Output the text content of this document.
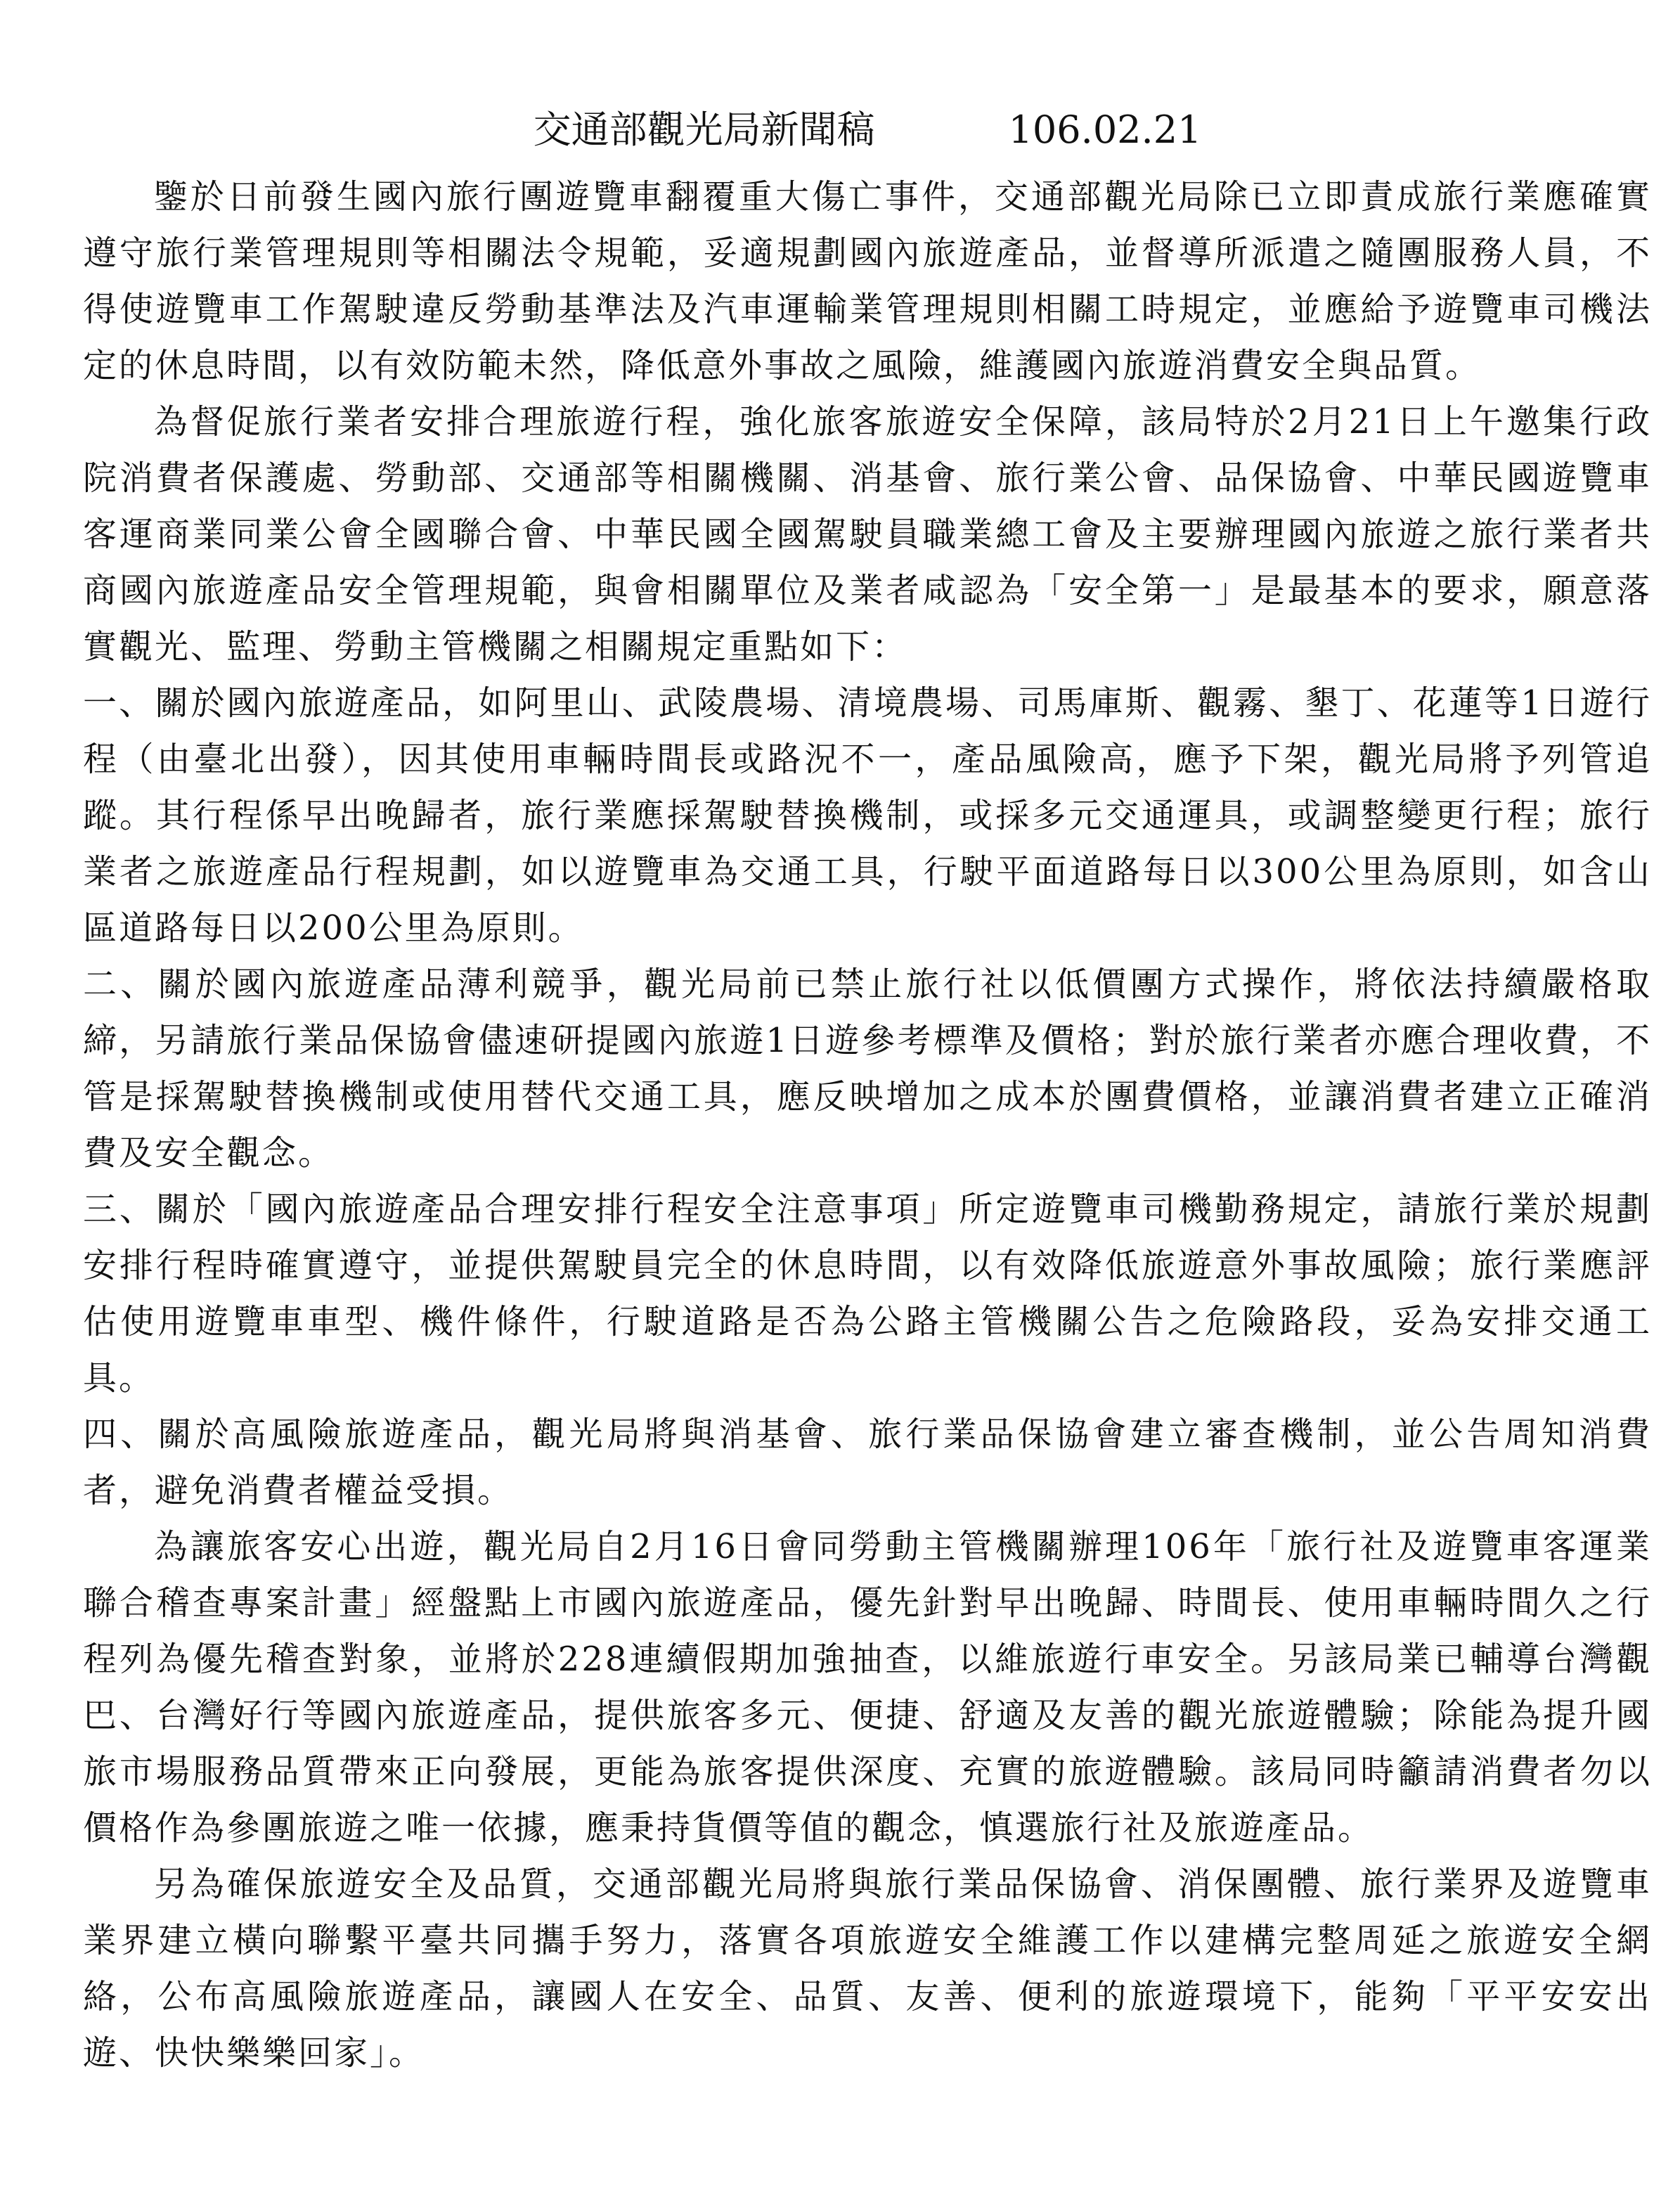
交通部觀光局新聞稿	106.02.21

鑒於日前發生國內旅行團遊覽車翻覆重大傷亡事件，交通部觀光局除已立即責成旅行業應確實遵守旅行業管理規則等相關法令規範，妥適規劃國內旅遊產品，並督導所派遣之隨團服務人員，不得使遊覽車工作駕駛違反勞動基準法及汽車運輸業管理規則相關工時規定，並應給予遊覽車司機法定的休息時間，以有效防範未然，降低意外事故之風險，維護國內旅遊消費安全與品質。

為督促旅行業者安排合理旅遊行程，強化旅客旅遊安全保障，該局特於2月21日上午邀集行政院消費者保護處、勞動部、交通部等相關機關、消基會、旅行業公會、品保協會、中華民國遊覽車客運商業同業公會全國聯合會、中華民國全國駕駛員職業總工會及主要辦理國內旅遊之旅行業者共商國內旅遊產品安全管理規範，與會相關單位及業者咸認為「安全第一」是最基本的要求，願意落實觀光、監理、勞動主管機關之相關規定重點如下：

一、關於國內旅遊產品，如阿里山、武陵農場、清境農場、司馬庫斯、觀霧、墾丁、花蓮等1日遊行程（由臺北出發），因其使用車輛時間長或路況不一，產品風險高，應予下架，觀光局將予列管追蹤。其行程係早出晚歸者，旅行業應採駕駛替換機制，或採多元交通運具，或調整變更行程；旅行業者之旅遊產品行程規劃，如以遊覽車為交通工具，行駛平面道路每日以300公里為原則，如含山區道路每日以200公里為原則。

二、關於國內旅遊產品薄利競爭，觀光局前已禁止旅行社以低價團方式操作，將依法持續嚴格取締，另請旅行業品保協會儘速研提國內旅遊1日遊參考標準及價格；對於旅行業者亦應合理收費，不管是採駕駛替換機制或使用替代交通工具，應反映增加之成本於團費價格，並讓消費者建立正確消費及安全觀念。

三、關於「國內旅遊產品合理安排行程安全注意事項」所定遊覽車司機勤務規定，請旅行業於規劃安排行程時確實遵守，並提供駕駛員完全的休息時間，以有效降低旅遊意外事故風險；旅行業應評估使用遊覽車車型、機件條件，行駛道路是否為公路主管機關公告之危險路段，妥為安排交通工具。

四、關於高風險旅遊產品，觀光局將與消基會、旅行業品保協會建立審查機制，並公告周知消費者，避免消費者權益受損。

為讓旅客安心出遊，觀光局自2月16日會同勞動主管機關辦理106年「旅行社及遊覽車客運業聯合稽查專案計畫」經盤點上市國內旅遊產品，優先針對早出晚歸、時間長、使用車輛時間久之行程列為優先稽查對象，並將於228連續假期加強抽查，以維旅遊行車安全。另該局業已輔導台灣觀巴、台灣好行等國內旅遊產品，提供旅客多元、便捷、舒適及友善的觀光旅遊體驗；除能為提升國旅市場服務品質帶來正向發展，更能為旅客提供深度、充實的旅遊體驗。該局同時籲請消費者勿以價格作為參團旅遊之唯一依據，應秉持貨價等值的觀念，慎選旅行社及旅遊產品。

另為確保旅遊安全及品質，交通部觀光局將與旅行業品保協會、消保團體、旅行業界及遊覽車業界建立橫向聯繫平臺共同攜手努力，落實各項旅遊安全維護工作以建構完整周延之旅遊安全網絡，公布高風險旅遊產品，讓國人在安全、品質、友善、便利的旅遊環境下，能夠「平平安安出遊、快快樂樂回家」。
